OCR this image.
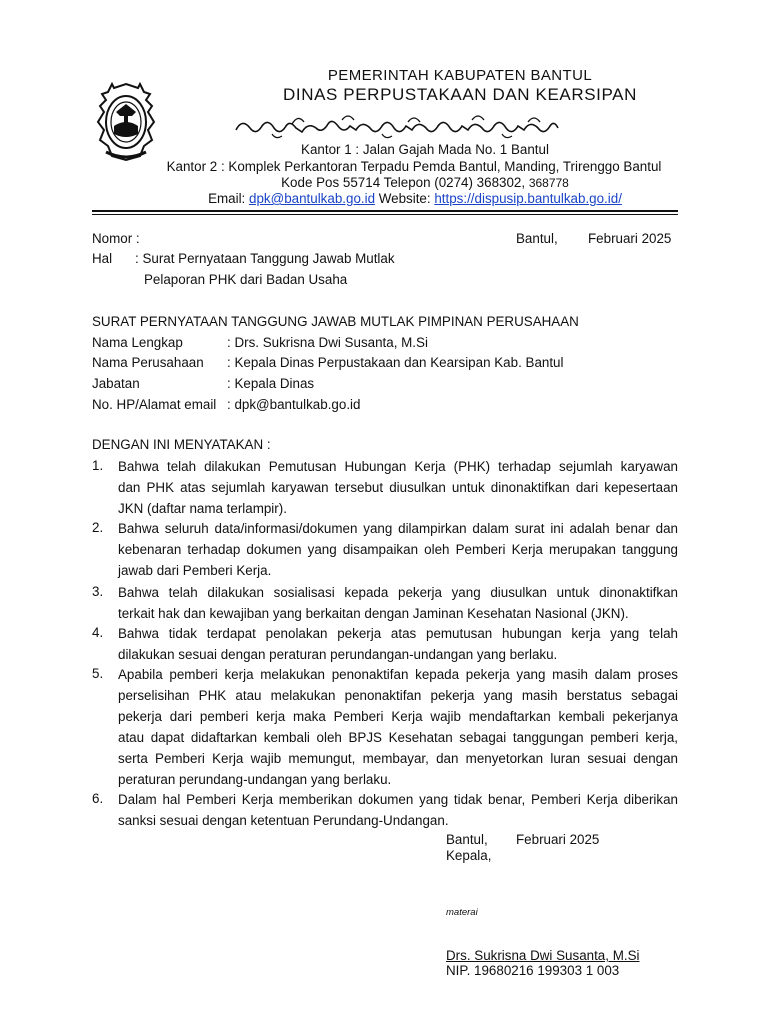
PEMERINTAH KABUPATEN BANTUL
DINAS PERPUSTAKAAN DAN KEARSIPAN
Kantor 1 : Jalan Gajah Mada No. 1 Bantul
Kantor 2 : Komplek Perkantoran Terpadu Pemda Bantul, Manding, Trirenggo Bantul
Kode Pos 55714 Telepon (0274) 368302, 368778
Email: dpk@bantulkab.go.id Website: https://dispusip.bantulkab.go.id/
Nomor :	Bantul, Februari 2025
Hal : Surat Pernyataan Tanggung Jawab Mutlak
Pelaporan PHK dari Badan Usaha
SURAT PERNYATAAN TANGGUNG JAWAB MUTLAK PIMPINAN PERUSAHAAN
Nama Lengkap	: Drs. Sukrisna Dwi Susanta, M.Si
Nama Perusahaan : Kepala Dinas Perpustakaan dan Kearsipan Kab. Bantul
Jabatan	: Kepala Dinas
No. HP/Alamat email : dpk@bantulkab.go.id
DENGAN INI MENYATAKAN :
1. Bahwa telah dilakukan Pemutusan Hubungan Kerja (PHK) terhadap sejumlah karyawan
dan PHK atas sejumlah karyawan tersebut diusulkan untuk dinonaktifkan dari kepesertaan
JKN (daftar nama terlampir).
2. Bahwa seluruh data/informasi/dokumen yang dilampirkan dalam surat ini adalah benar dan
kebenaran terhadap dokumen yang disampaikan oleh Pemberi Kerja merupakan tanggung
jawab dari Pemberi Kerja.
3. Bahwa telah dilakukan sosialisasi kepada pekerja yang diusulkan untuk dinonaktifkan
terkait hak dan kewajiban yang berkaitan dengan Jaminan Kesehatan Nasional (JKN).
4. Bahwa tidak terdapat penolakan pekerja atas pemutusan hubungan kerja yang telah
dilakukan sesuai dengan peraturan perundangan-undangan yang berlaku.
5. Apabila pemberi kerja melakukan penonaktifan kepada pekerja yang masih dalam proses
perselisihan PHK atau melakukan penonaktifan pekerja yang masih berstatus sebagai
pekerja dari pemberi kerja maka Pemberi Kerja wajib mendaftarkan kembali pekerjanya
atau dapat didaftarkan kembali oleh BPJS Kesehatan sebagai tanggungan pemberi kerja,
serta Pemberi Kerja wajib memungut, membayar, dan menyetorkan luran sesuai dengan
peraturan perundang-undangan yang berlaku.
6. Dalam hal Pemberi Kerja memberikan dokumen yang tidak benar, Pemberi Kerja diberikan
sanksi sesuai dengan ketentuan Perundang-Undangan.
Bantul, Februari 2025
Kepala,
materai
Drs. Sukrisna Dwi Susanta, M.Si
NIP. 19680216 199303 1 003
